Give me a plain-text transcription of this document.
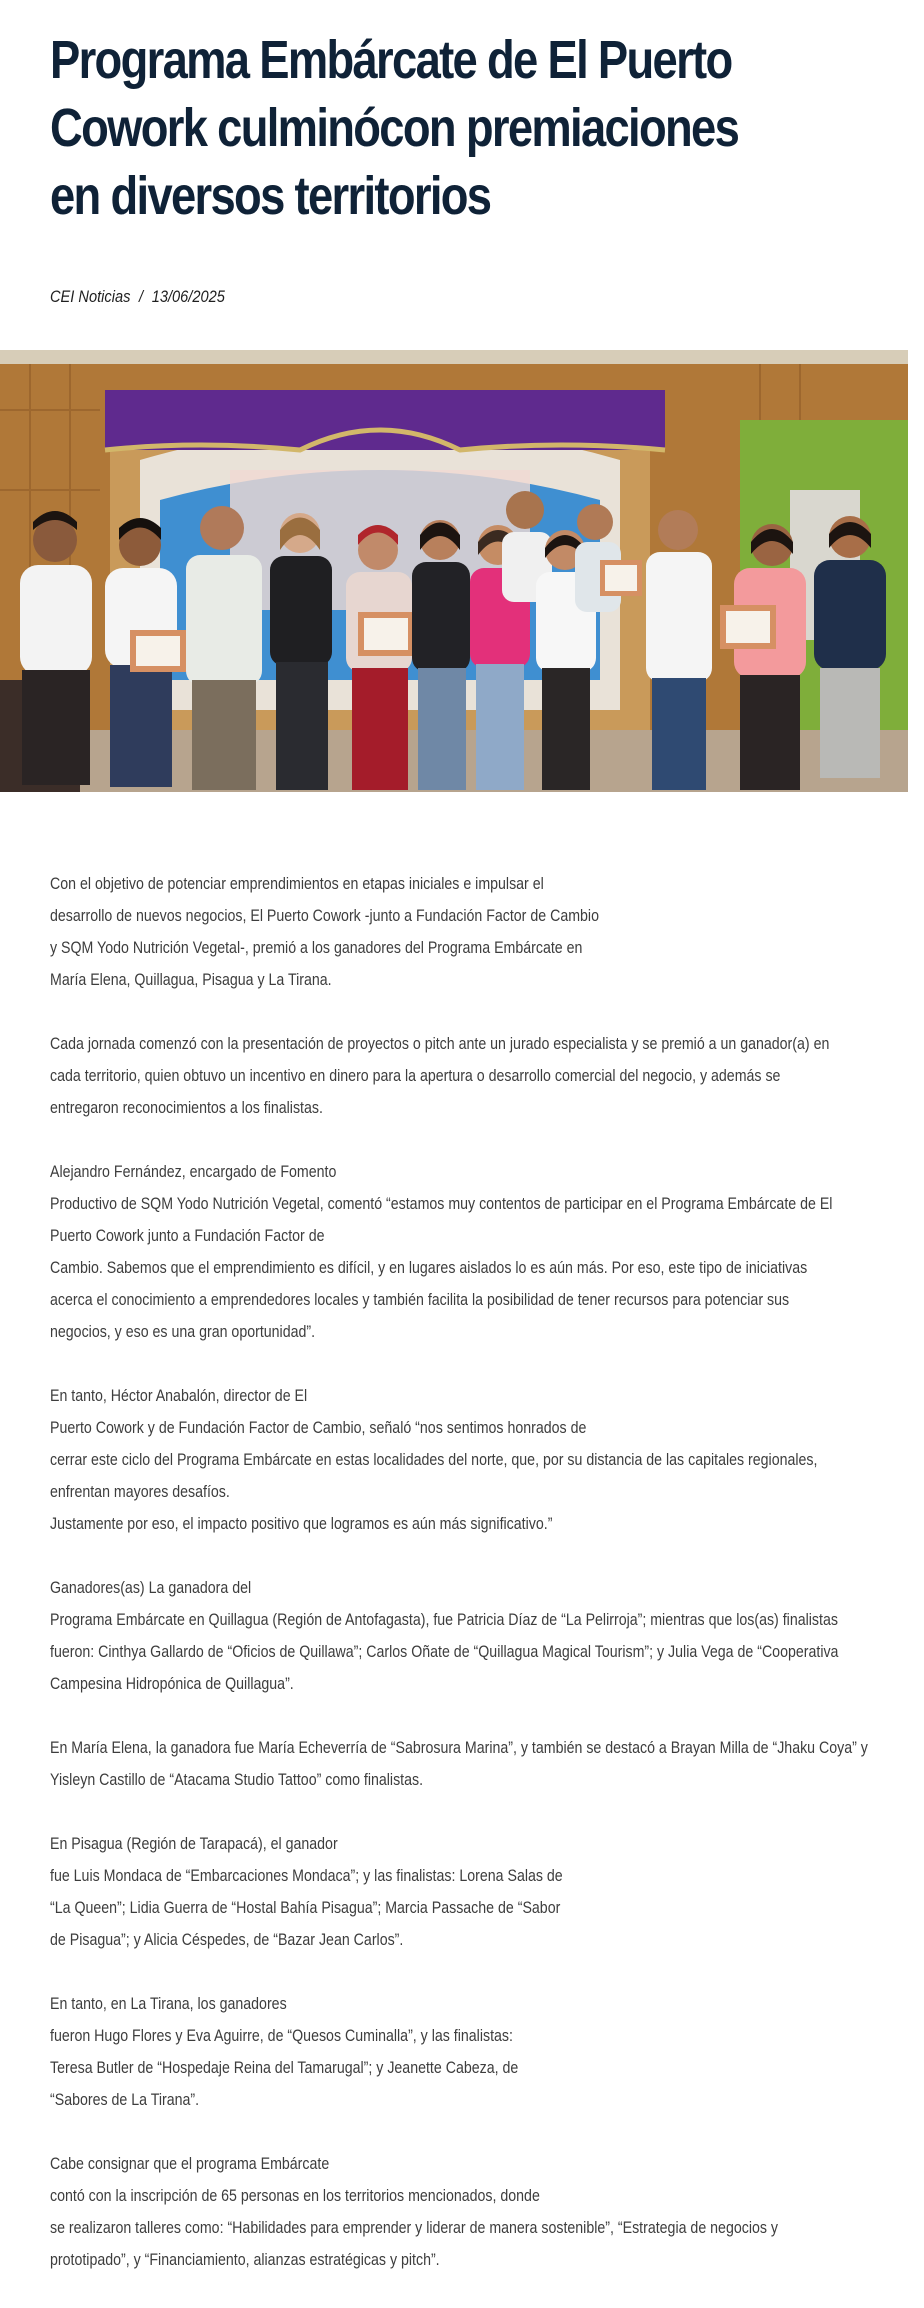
Programa Embárcate de El Puerto
Cowork culminócon premiaciones
en diversos territorios
CEI Noticias / 13/06/2025

Con el objetivo de potenciar emprendimientos en etapas iniciales e impulsar el
desarrollo de nuevos negocios, El Puerto Cowork -junto a Fundación Factor de Cambio
y SQM Yodo Nutrición Vegetal-, premió a los ganadores del Programa Embárcate en
María Elena, Quillagua, Pisagua y La Tirana.

Cada jornada comenzó con la presentación de proyectos o pitch ante un jurado especialista y se premió a un ganador(a) en
cada territorio, quien obtuvo un incentivo en dinero para la apertura o desarrollo comercial del negocio, y además se
entregaron reconocimientos a los finalistas.

Alejandro Fernández, encargado de Fomento
Productivo de SQM Yodo Nutrición Vegetal, comentó “estamos muy contentos de participar en el Programa Embárcate de El
Puerto Cowork junto a Fundación Factor de
Cambio. Sabemos que el emprendimiento es difícil, y en lugares aislados lo es aún más. Por eso, este tipo de iniciativas
acerca el conocimiento a emprendedores locales y también facilita la posibilidad de tener recursos para potenciar sus
negocios, y eso es una gran oportunidad”.

En tanto, Héctor Anabalón, director de El
Puerto Cowork y de Fundación Factor de Cambio, señaló “nos sentimos honrados de
cerrar este ciclo del Programa Embárcate en estas localidades del norte, que, por su distancia de las capitales regionales,
enfrentan mayores desafíos.
Justamente por eso, el impacto positivo que logramos es aún más significativo.”

Ganadores(as) La ganadora del
Programa Embárcate en Quillagua (Región de Antofagasta), fue Patricia Díaz de “La Pelirroja”; mientras que los(as) finalistas
fueron: Cinthya Gallardo de “Oficios de Quillawa”; Carlos Oñate de “Quillagua Magical Tourism”; y Julia Vega de “Cooperativa
Campesina Hidropónica de Quillagua”.

En María Elena, la ganadora fue María Echeverría de “Sabrosura Marina”, y también se destacó a Brayan Milla de “Jhaku Coya” y
Yisleyn Castillo de “Atacama Studio Tattoo” como finalistas.

En Pisagua (Región de Tarapacá), el ganador
fue Luis Mondaca de “Embarcaciones Mondaca”; y las finalistas: Lorena Salas de
“La Queen”; Lidia Guerra de “Hostal Bahía Pisagua”; Marcia Passache de “Sabor
de Pisagua”; y Alicia Céspedes, de “Bazar Jean Carlos”.

En tanto, en La Tirana, los ganadores
fueron Hugo Flores y Eva Aguirre, de “Quesos Cuminalla”, y las finalistas:
Teresa Butler de “Hospedaje Reina del Tamarugal”; y Jeanette Cabeza, de
“Sabores de La Tirana”.

Cabe consignar que el programa Embárcate
contó con la inscripción de 65 personas en los territorios mencionados, donde
se realizaron talleres como: “Habilidades para emprender y liderar de manera sostenible”, “Estrategia de negocios y
prototipado”, y “Financiamiento, alianzas estratégicas y pitch”.
